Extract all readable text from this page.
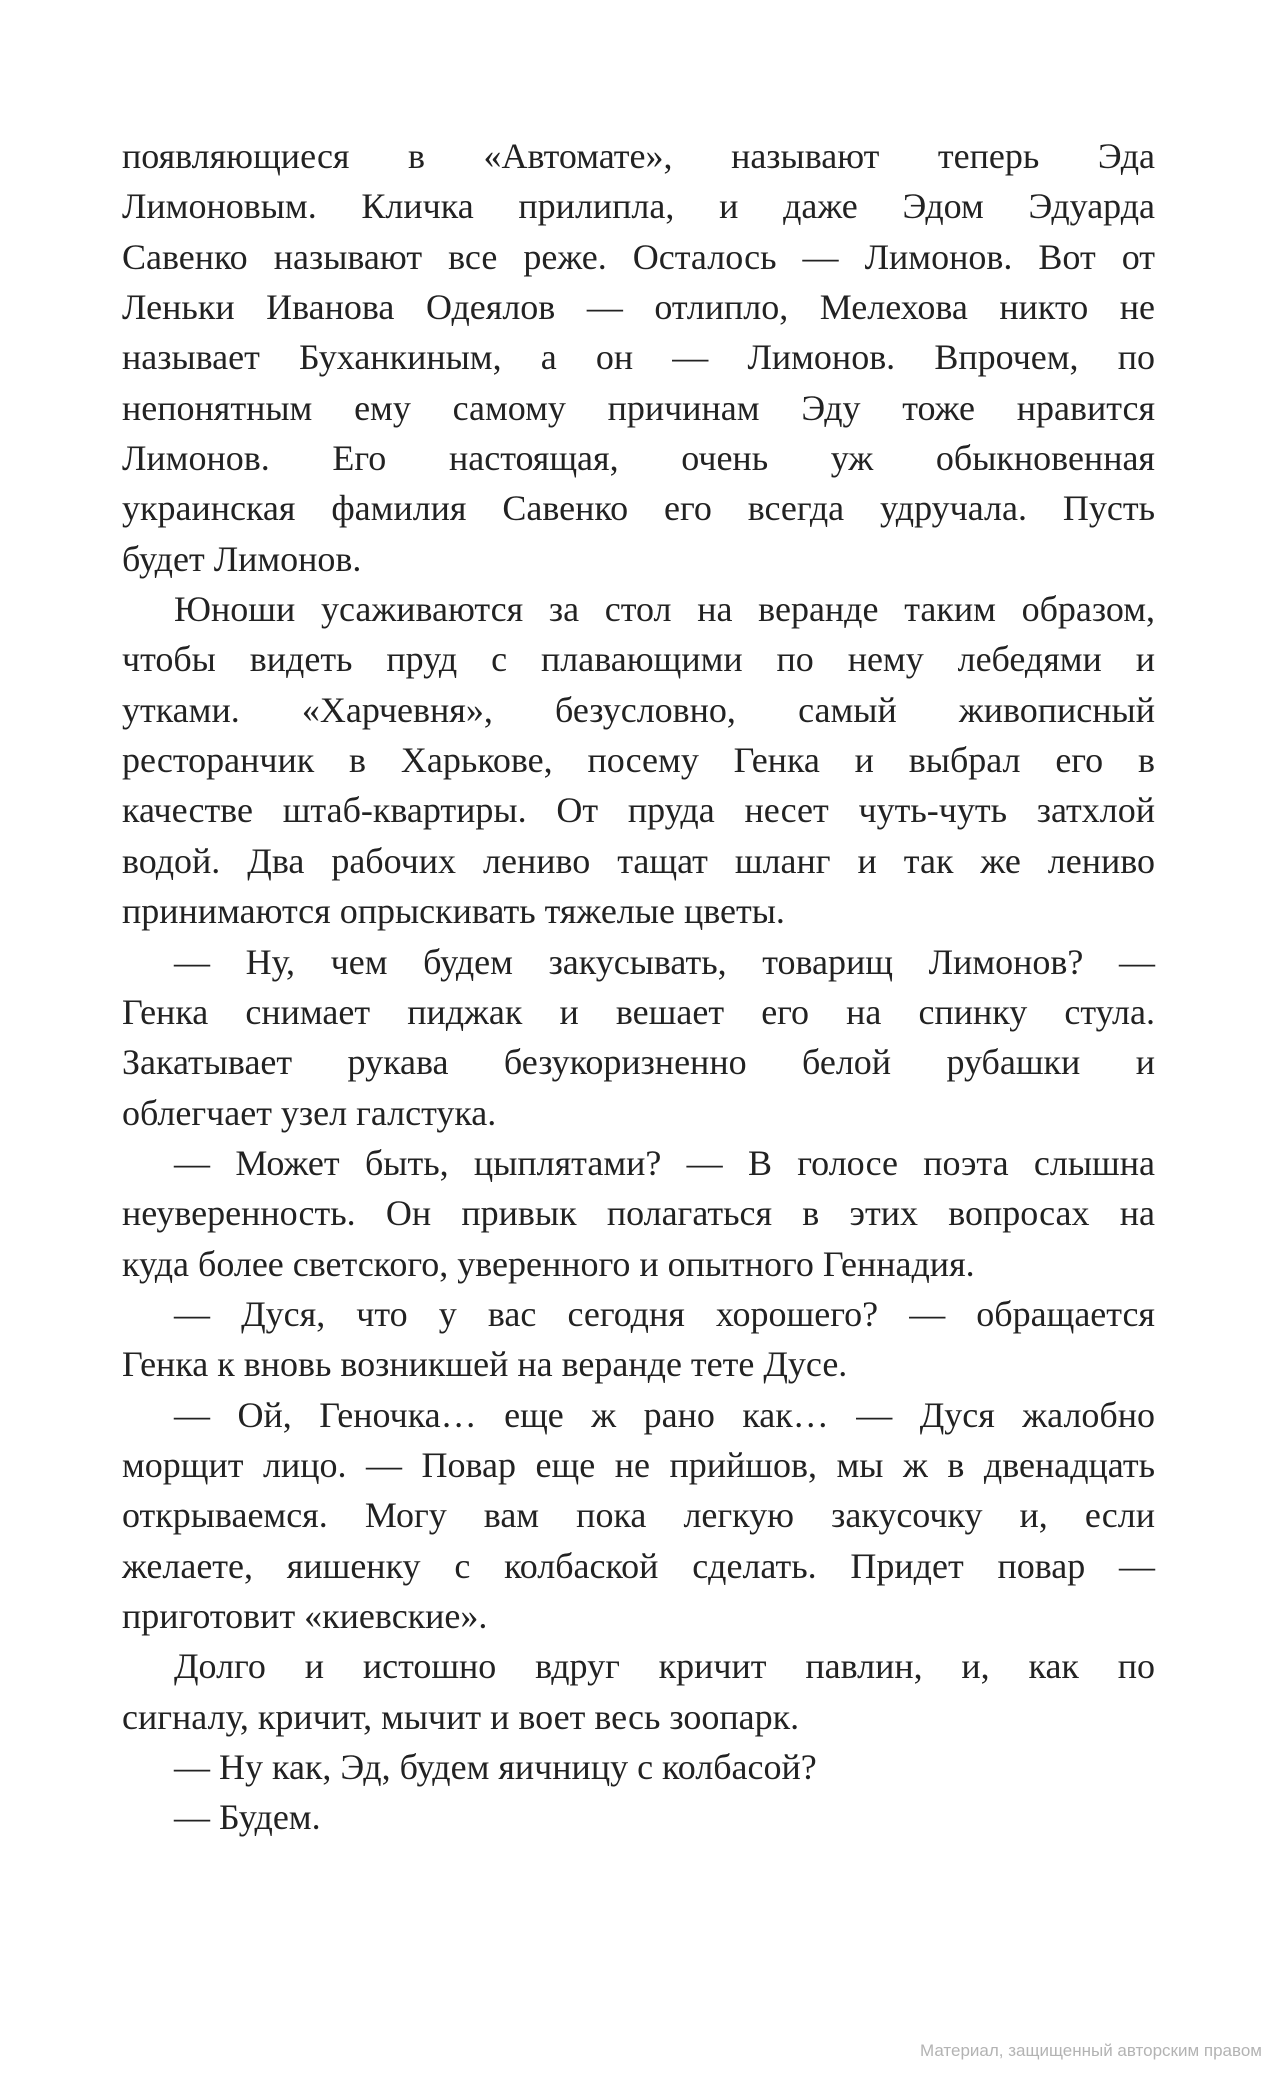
появляющиеся в «Автомате», называют теперь Эда
Лимоновым. Кличка прилипла, и даже Эдом Эдуарда
Савенко называют все реже. Осталось — Лимонов. Вот от
Леньки Иванова Одеялов — отлипло, Мелехова никто не
называет Буханкиным, а он — Лимонов. Впрочем, по
непонятным ему самому причинам Эду тоже нравится
Лимонов. Его настоящая, очень уж обыкновенная
украинская фамилия Савенко его всегда удручала. Пусть
будет Лимонов.
Юноши усаживаются за стол на веранде таким образом,
чтобы видеть пруд с плавающими по нему лебедями и
утками. «Харчевня», безусловно, самый живописный
ресторанчик в Харькове, посему Генка и выбрал его в
качестве штаб-квартиры. От пруда несет чуть-чуть затхлой
водой. Два рабочих лениво тащат шланг и так же лениво
принимаются опрыскивать тяжелые цветы.
— Ну, чем будем закусывать, товарищ Лимонов? —
Генка снимает пиджак и вешает его на спинку стула.
Закатывает рукава безукоризненно белой рубашки и
облегчает узел галстука.
— Может быть, цыплятами? — В голосе поэта слышна
неуверенность. Он привык полагаться в этих вопросах на
куда более светского, уверенного и опытного Геннадия.
— Дуся, что у вас сегодня хорошего? — обращается
Генка к вновь возникшей на веранде тете Дусе.
— Ой, Геночка… еще ж рано как… — Дуся жалобно
морщит лицо. — Повар еще не прийшов, мы ж в двенадцать
открываемся. Могу вам пока легкую закусочку и, если
желаете, яишенку с колбаской сделать. Придет повар —
приготовит «киевские».
Долго и истошно вдруг кричит павлин, и, как по
сигналу, кричит, мычит и воет весь зоопарк.
— Ну как, Эд, будем яичницу с колбасой?
— Будем.
Материал, защищенный авторским правом
